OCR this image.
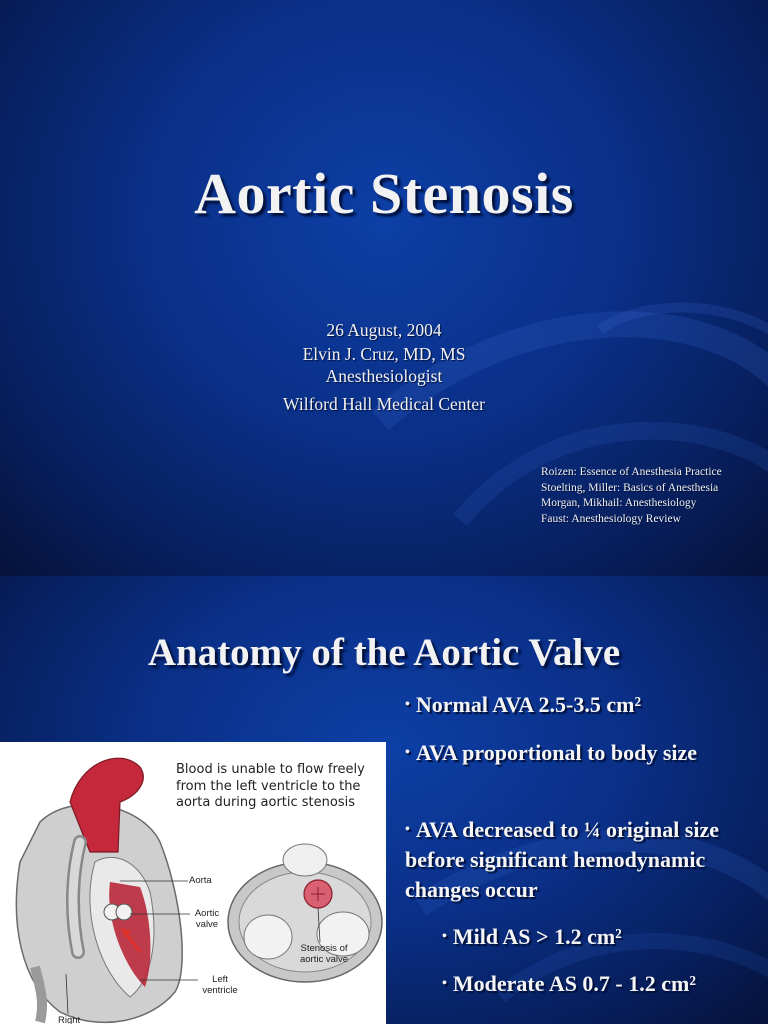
Aortic Stenosis
26 August, 2004
Elvin J. Cruz, MD, MS
Anesthesiologist
Wilford Hall Medical Center
Roizen: Essence of Anesthesia Practice
Stoelting, Miller: Basics of Anesthesia
Morgan, Mikhail: Anesthesiology
Faust: Anesthesiology Review
Anatomy of the Aortic Valve
• Normal AVA 2.5-3.5 cm²
• AVA proportional to body size
• AVA decreased to ¼ original size before significant hemodynamic changes occur
• Mild AS > 1.2 cm²
• Moderate AS 0.7 - 1.2 cm²
Blood is unable to flow freely from the left ventricle to the aorta during aortic stenosis
Aorta
Aortic valve
Left ventricle
Right
Stenosis of aortic valve
